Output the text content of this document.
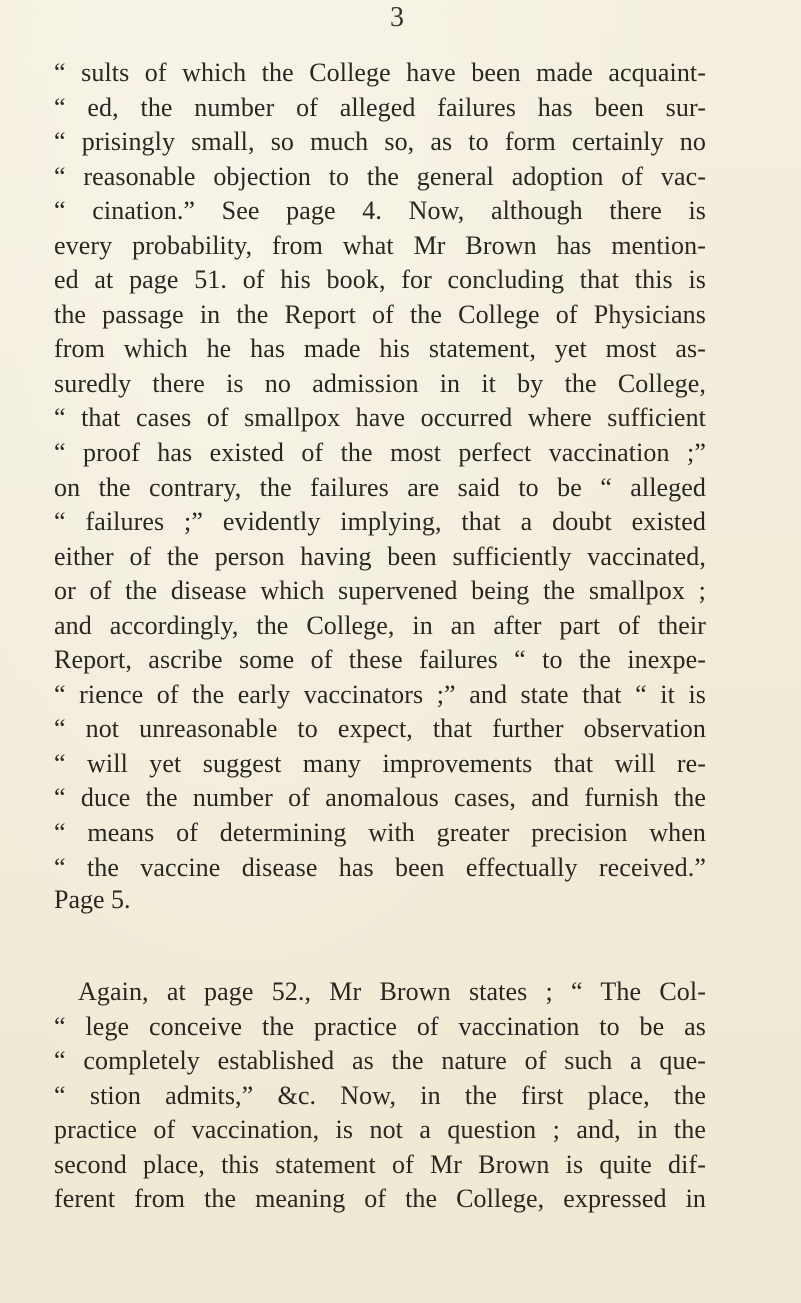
3
“ sults of which the College have been made acquaint-
“ ed, the number of alleged failures has been sur-
“ prisingly small, so much so, as to form certainly no
“ reasonable objection to the general adoption of vac-
“ cination.” See page 4. Now, although there is
every probability, from what Mr Brown has mention-
ed at page 51. of his book, for concluding that this is
the passage in the Report of the College of Physicians
from which he has made his statement, yet most as-
suredly there is no admission in it by the College,
“ that cases of smallpox have occurred where sufficient
“ proof has existed of the most perfect vaccination ;”
on the contrary, the failures are said to be “ alleged
“ failures ;” evidently implying, that a doubt existed
either of the person having been sufficiently vaccinated,
or of the disease which supervened being the smallpox ;
and accordingly, the College, in an after part of their
Report, ascribe some of these failures “ to the inexpe-
“ rience of the early vaccinators ;” and state that “ it is
“ not unreasonable to expect, that further observation
“ will yet suggest many improvements that will re-
“ duce the number of anomalous cases, and furnish the
“ means of determining with greater precision when
“ the vaccine disease has been effectually received.”
Page 5.
Again, at page 52., Mr Brown states ; “ The Col-
“ lege conceive the practice of vaccination to be as
“ completely established as the nature of such a que-
“ stion admits,” &c. Now, in the first place, the
practice of vaccination, is not a question ; and, in the
second place, this statement of Mr Brown is quite dif-
ferent from the meaning of the College, expressed in
